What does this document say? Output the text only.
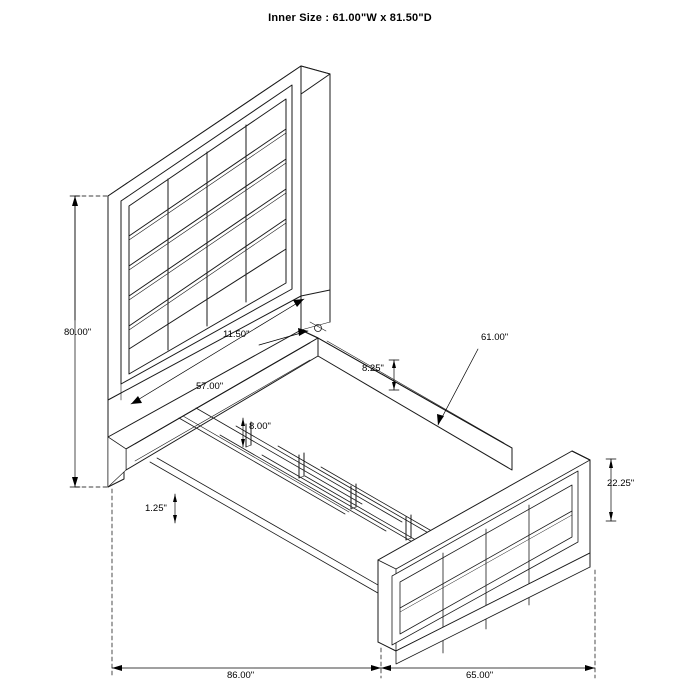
Inner Size : 61.00"W x 81.50"D
80.00"
57.00"
11.50"	61.00"
8.25"
8.00"
1.25"
22.25"
86.00"	65.00"
